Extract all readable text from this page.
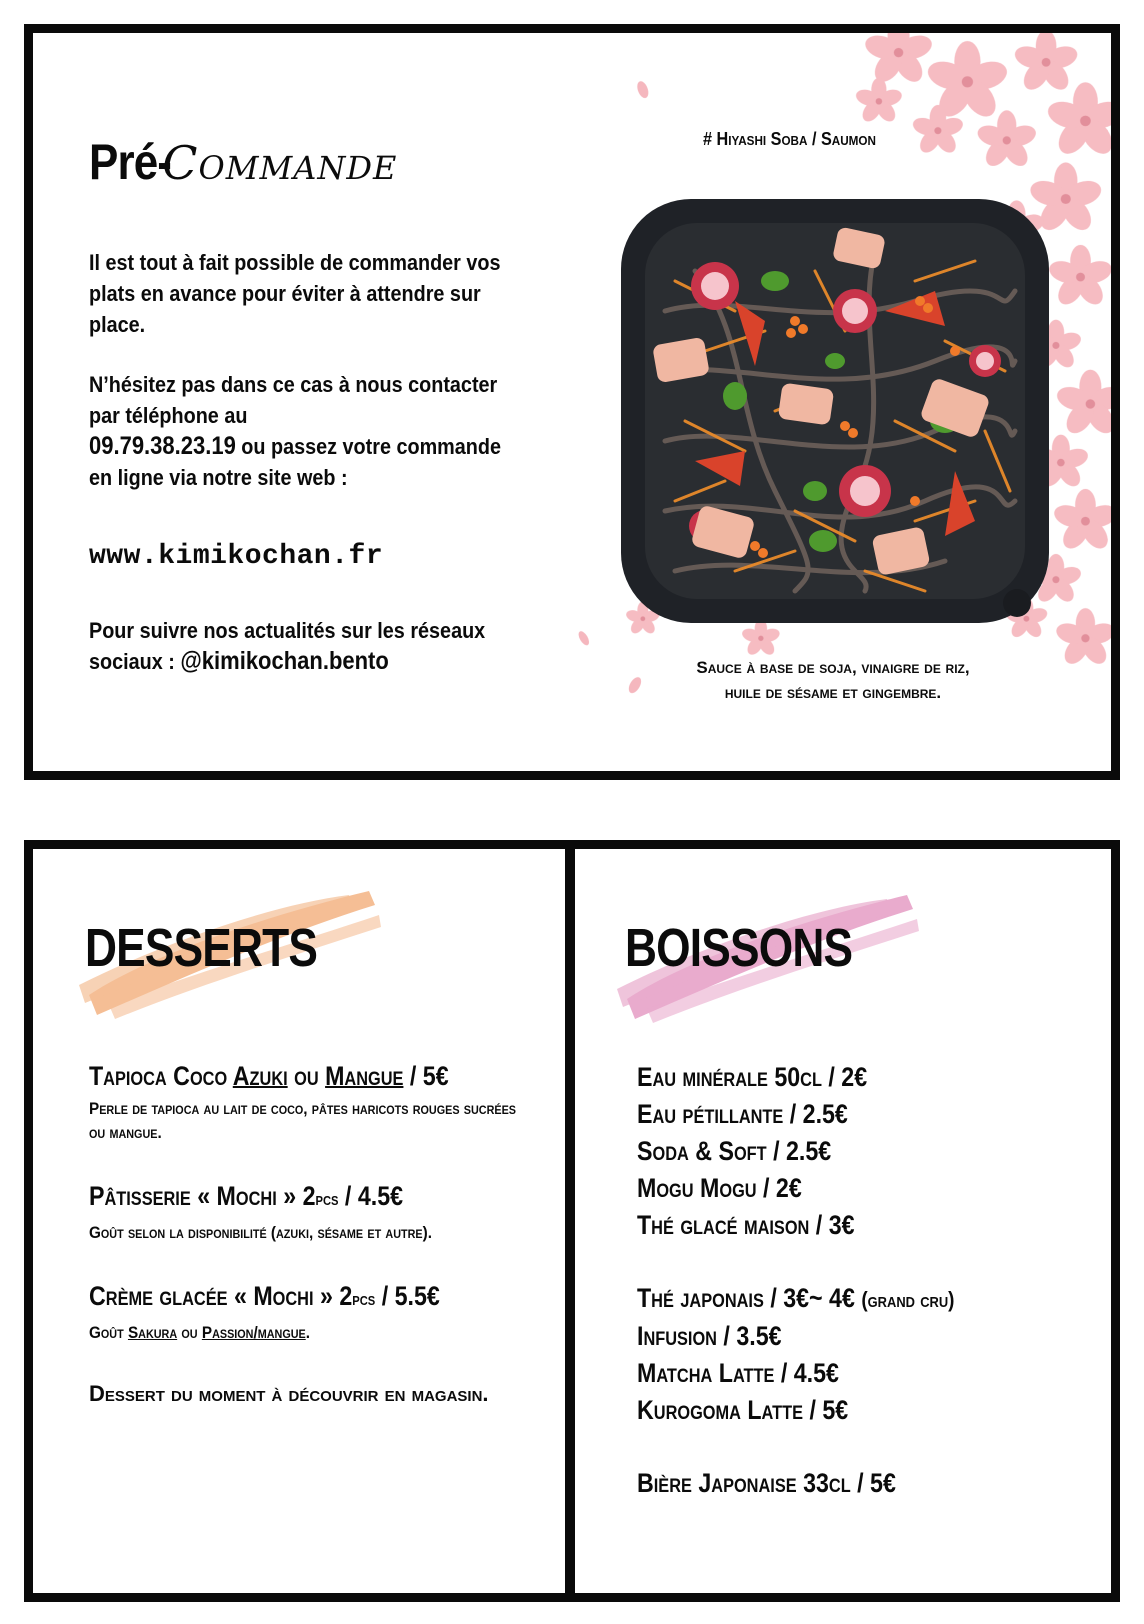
Pré-Commande

Il est tout à fait possible de commander vos plats en avance pour éviter à attendre sur place.

N’hésitez pas dans ce cas à nous contacter par téléphone au
09.79.38.23.19 ou passez votre commande en ligne via notre site web :

www.kimikochan.fr

Pour suivre nos actualités sur les réseaux sociaux : @kimikochan.bento

# Hiyashi Soba / Saumon
Sauce à base de soja, vinaigre de riz,
huile de sésame et gingembre.
DESSERTS
Tapioca Coco Azuki ou Mangue / 5€
Perle de tapioca au lait de coco, pâtes haricots rouges sucrées ou mangue.
Pâtisserie « Mochi » 2pcs / 4.5€
Goût selon la disponibilité (azuki, sésame et autre).
Crème glacée « Mochi » 2pcs / 5.5€
Goût Sakura ou Passion/mangue.
Dessert du moment à découvrir en magasin.
BOISSONS
Eau minérale 50cl / 2€
Eau pétillante / 2.5€
Soda & Soft / 2.5€
Mogu Mogu / 2€
Thé glacé maison / 3€
Thé japonais / 3€~ 4€ (grand cru)
Infusion / 3.5€
Matcha Latte / 4.5€
Kurogoma Latte / 5€
Bière Japonaise 33cl / 5€
